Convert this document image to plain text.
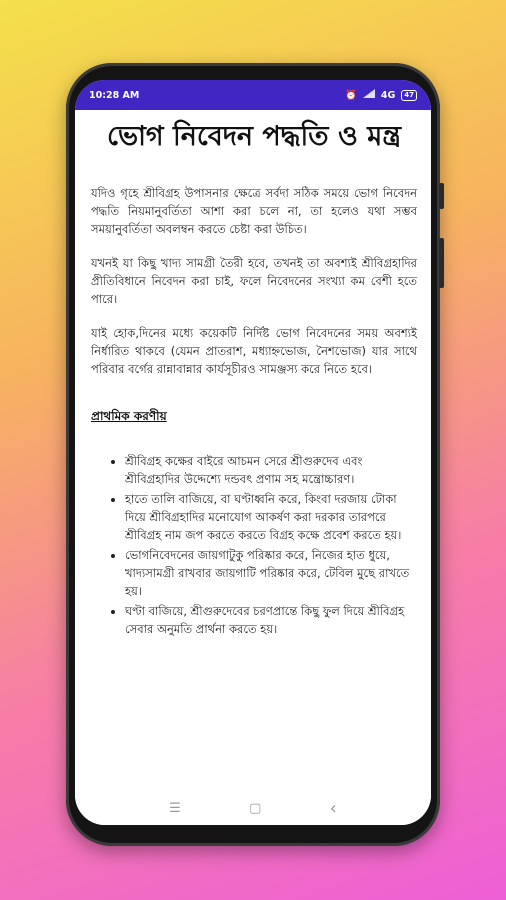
10:28 AM	⏰	4G	47
ভোগ নিবেদন পদ্ধতি ও মন্ত্র

যদিও গৃহে শ্রীবিগ্রহ উপাসনার ক্ষেত্রে সর্বদা সঠিক সময়ে ভোগ নিবেদন পদ্ধতি নিয়মানুবর্তিতা আশা করা চলে না, তা হলেও যথা সম্ভব সময়ানুবর্তিতা অবলম্বন করতে চেষ্টা করা উচিত।

যখনই যা কিছু খাদ্য সামগ্রী তৈরী হবে, তখনই তা অবশ্যই শ্রীবিগ্রহাদির প্রীতিবিধানে নিবেদন করা চাই, ফলে নিবেদনের সংখ্যা কম বেশী হতে পারে।

যাই হোক,দিনের মধ্যে কয়েকটি নির্দিষ্ট ভোগ নিবেদনের সময় অবশ্যই নির্ধারিত থাকবে (যেমন প্রাতরাশ, মধ্যাহ্নভোজ, নৈশভোজ) যার সাথে পরিবার বর্গের রান্নাবান্নার কার্যসূচীরও সামঞ্জস্য করে নিতে হবে।

প্রাথমিক করণীয়
• শ্রীবিগ্রহ কক্ষের বাইরে আচমন সেরে শ্রীগুরুদেব এবং শ্রীবিগ্রহাদির উদ্দেশ্যে দন্ডবৎ প্রণাম সহ মন্ত্রোচ্চারণ।
• হাতে তালি বাজিয়ে, বা ঘণ্টাধ্বনি করে, কিংবা দরজায় টোকা দিয়ে শ্রীবিগ্রহাদির মনোযোগ আকর্ষণ করা দরকার তারপরে শ্রীবিগ্রহ নাম জপ করতে করতে বিগ্রহ কক্ষে প্রবেশ করতে হয়।
• ভোগনিবেদনের জায়গাটুকু পরিষ্কার করে, নিজের হাত ধুয়ে, খাদ্যসামগ্রী রাখবার জায়গাটি পরিষ্কার করে, টেবিল মুছে রাখতে হয়।
• ঘণ্টা বাজিয়ে, শ্রীগুরুদেবের চরণপ্রান্তে কিছু ফুল দিয়ে শ্রীবিগ্রহ সেবার অনুমতি প্রার্থনা করতে হয়।
☰	▢	‹
